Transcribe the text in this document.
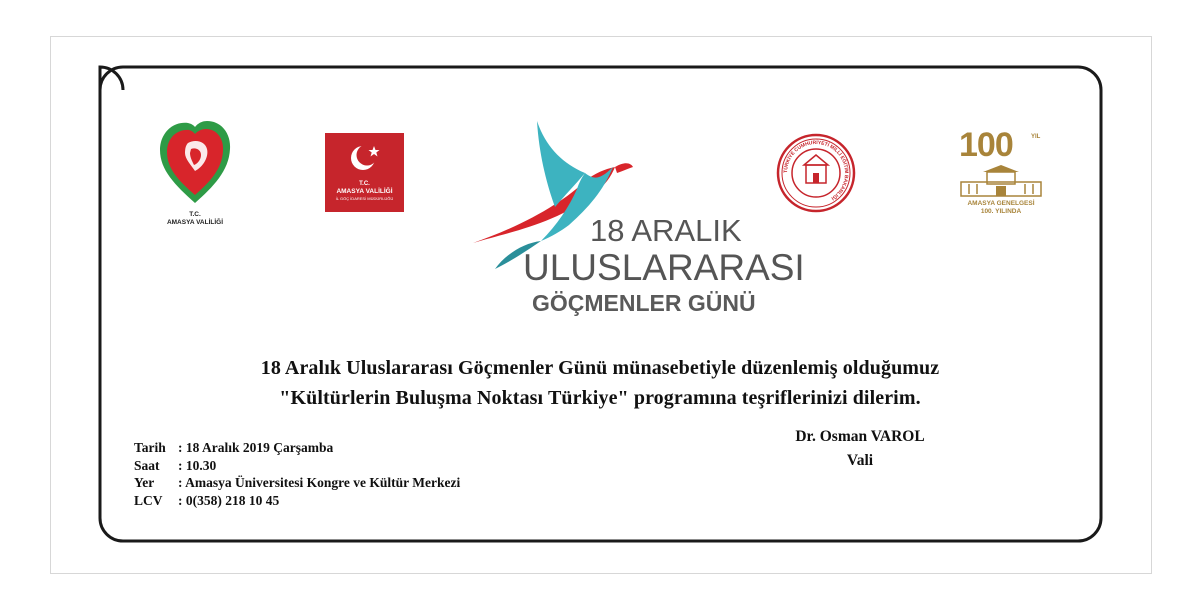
T.C.
AMASYA VALİLİĞİ
T.C.
AMASYA VALİLİĞİ
İL GÖÇ İDARESİ MÜDÜRLÜĞÜ
18 ARALIK
ULUSLARARASI
GÖÇMENLER GÜNÜ
TÜRKİYE CUMHURİYETİ MİLLİ EĞİTİM BAKANLIĞI
100	YIL
AMASYA GENELGESİ
100. YILINDA
18 Aralık Uluslararası Göçmenler Günü münasebetiyle düzenlemiş olduğumuz
"Kültürlerin Buluşma Noktası Türkiye" programına teşriflerinizi dilerim.
Dr. Osman VAROL
Vali
Tarih : 18 Aralık 2019 Çarşamba
Saat	: 10.30
Yer	: Amasya Üniversitesi Kongre ve Kültür Merkezi
LCV	: 0(358) 218 10 45
